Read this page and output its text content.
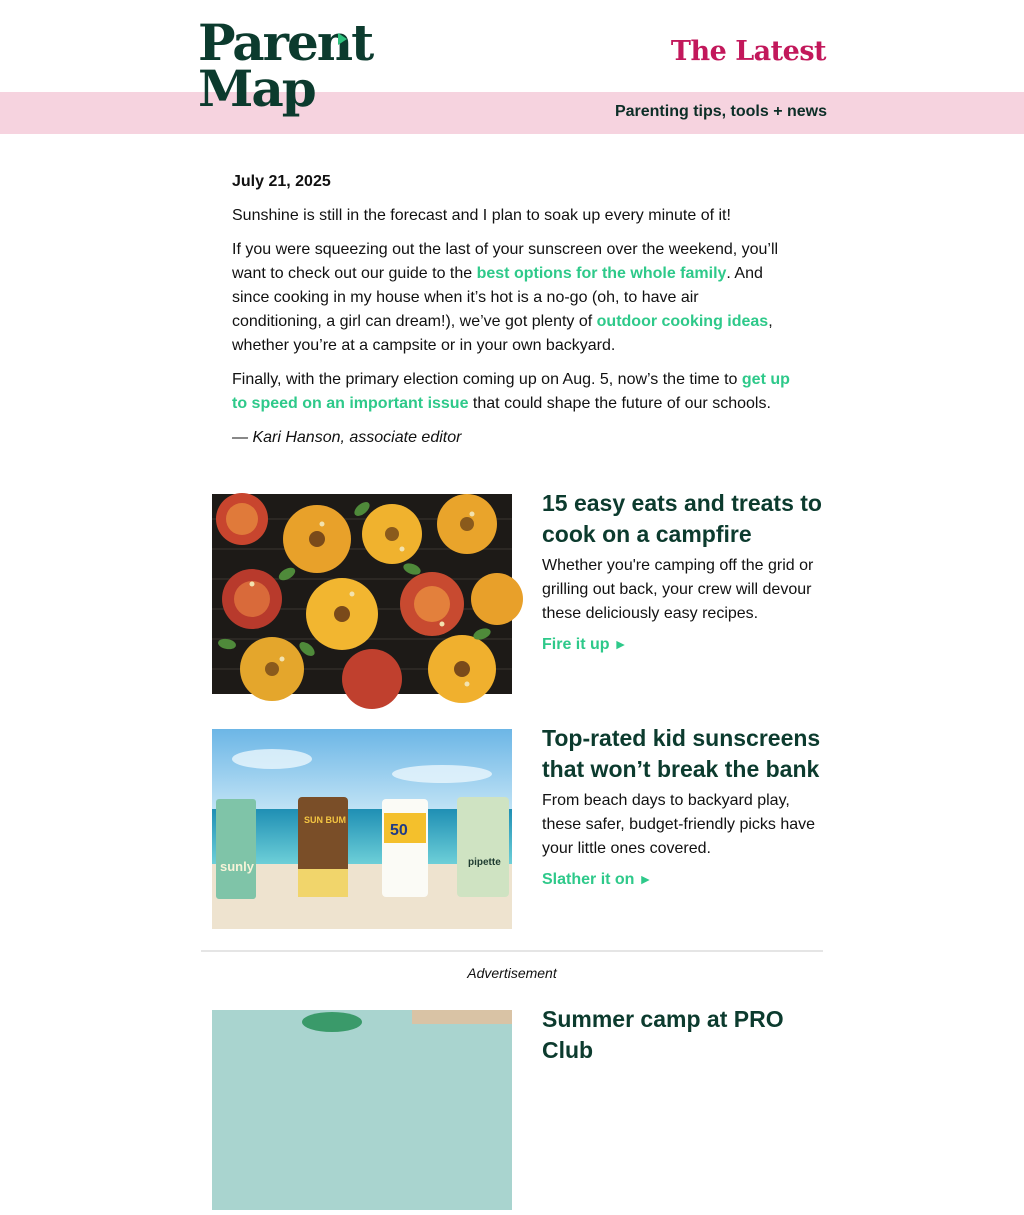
Parent
Map
The Latest
Parenting tips, tools + news
July 21, 2025

Sunshine is still in the forecast and I plan to soak up every minute of it!

If you were squeezing out the last of your sunscreen over the weekend, you’ll want to check out our guide to the best options for the whole family. And since cooking in my house when it’s hot is a no-go (oh, to have air conditioning, a girl can dream!), we’ve got plenty of outdoor cooking ideas, whether you’re at a campsite or in your own backyard.

Finally, with the primary election coming up on Aug. 5, now’s the time to get up to speed on an important issue that could shape the future of our schools.

— Kari Hanson, associate editor

15 easy eats and treats to cook on a campfire
Whether you're camping off the grid or grilling out back, your crew will devour these deliciously easy recipes.
Fire it up ►
sunly
SUN BUM
50
pipette
Top-rated kid sunscreens that won’t break the bank
From beach days to backyard play, these safer, budget-friendly picks have your little ones covered.
Slather it on ►
Advertisement
Summer camp at PRO Club
